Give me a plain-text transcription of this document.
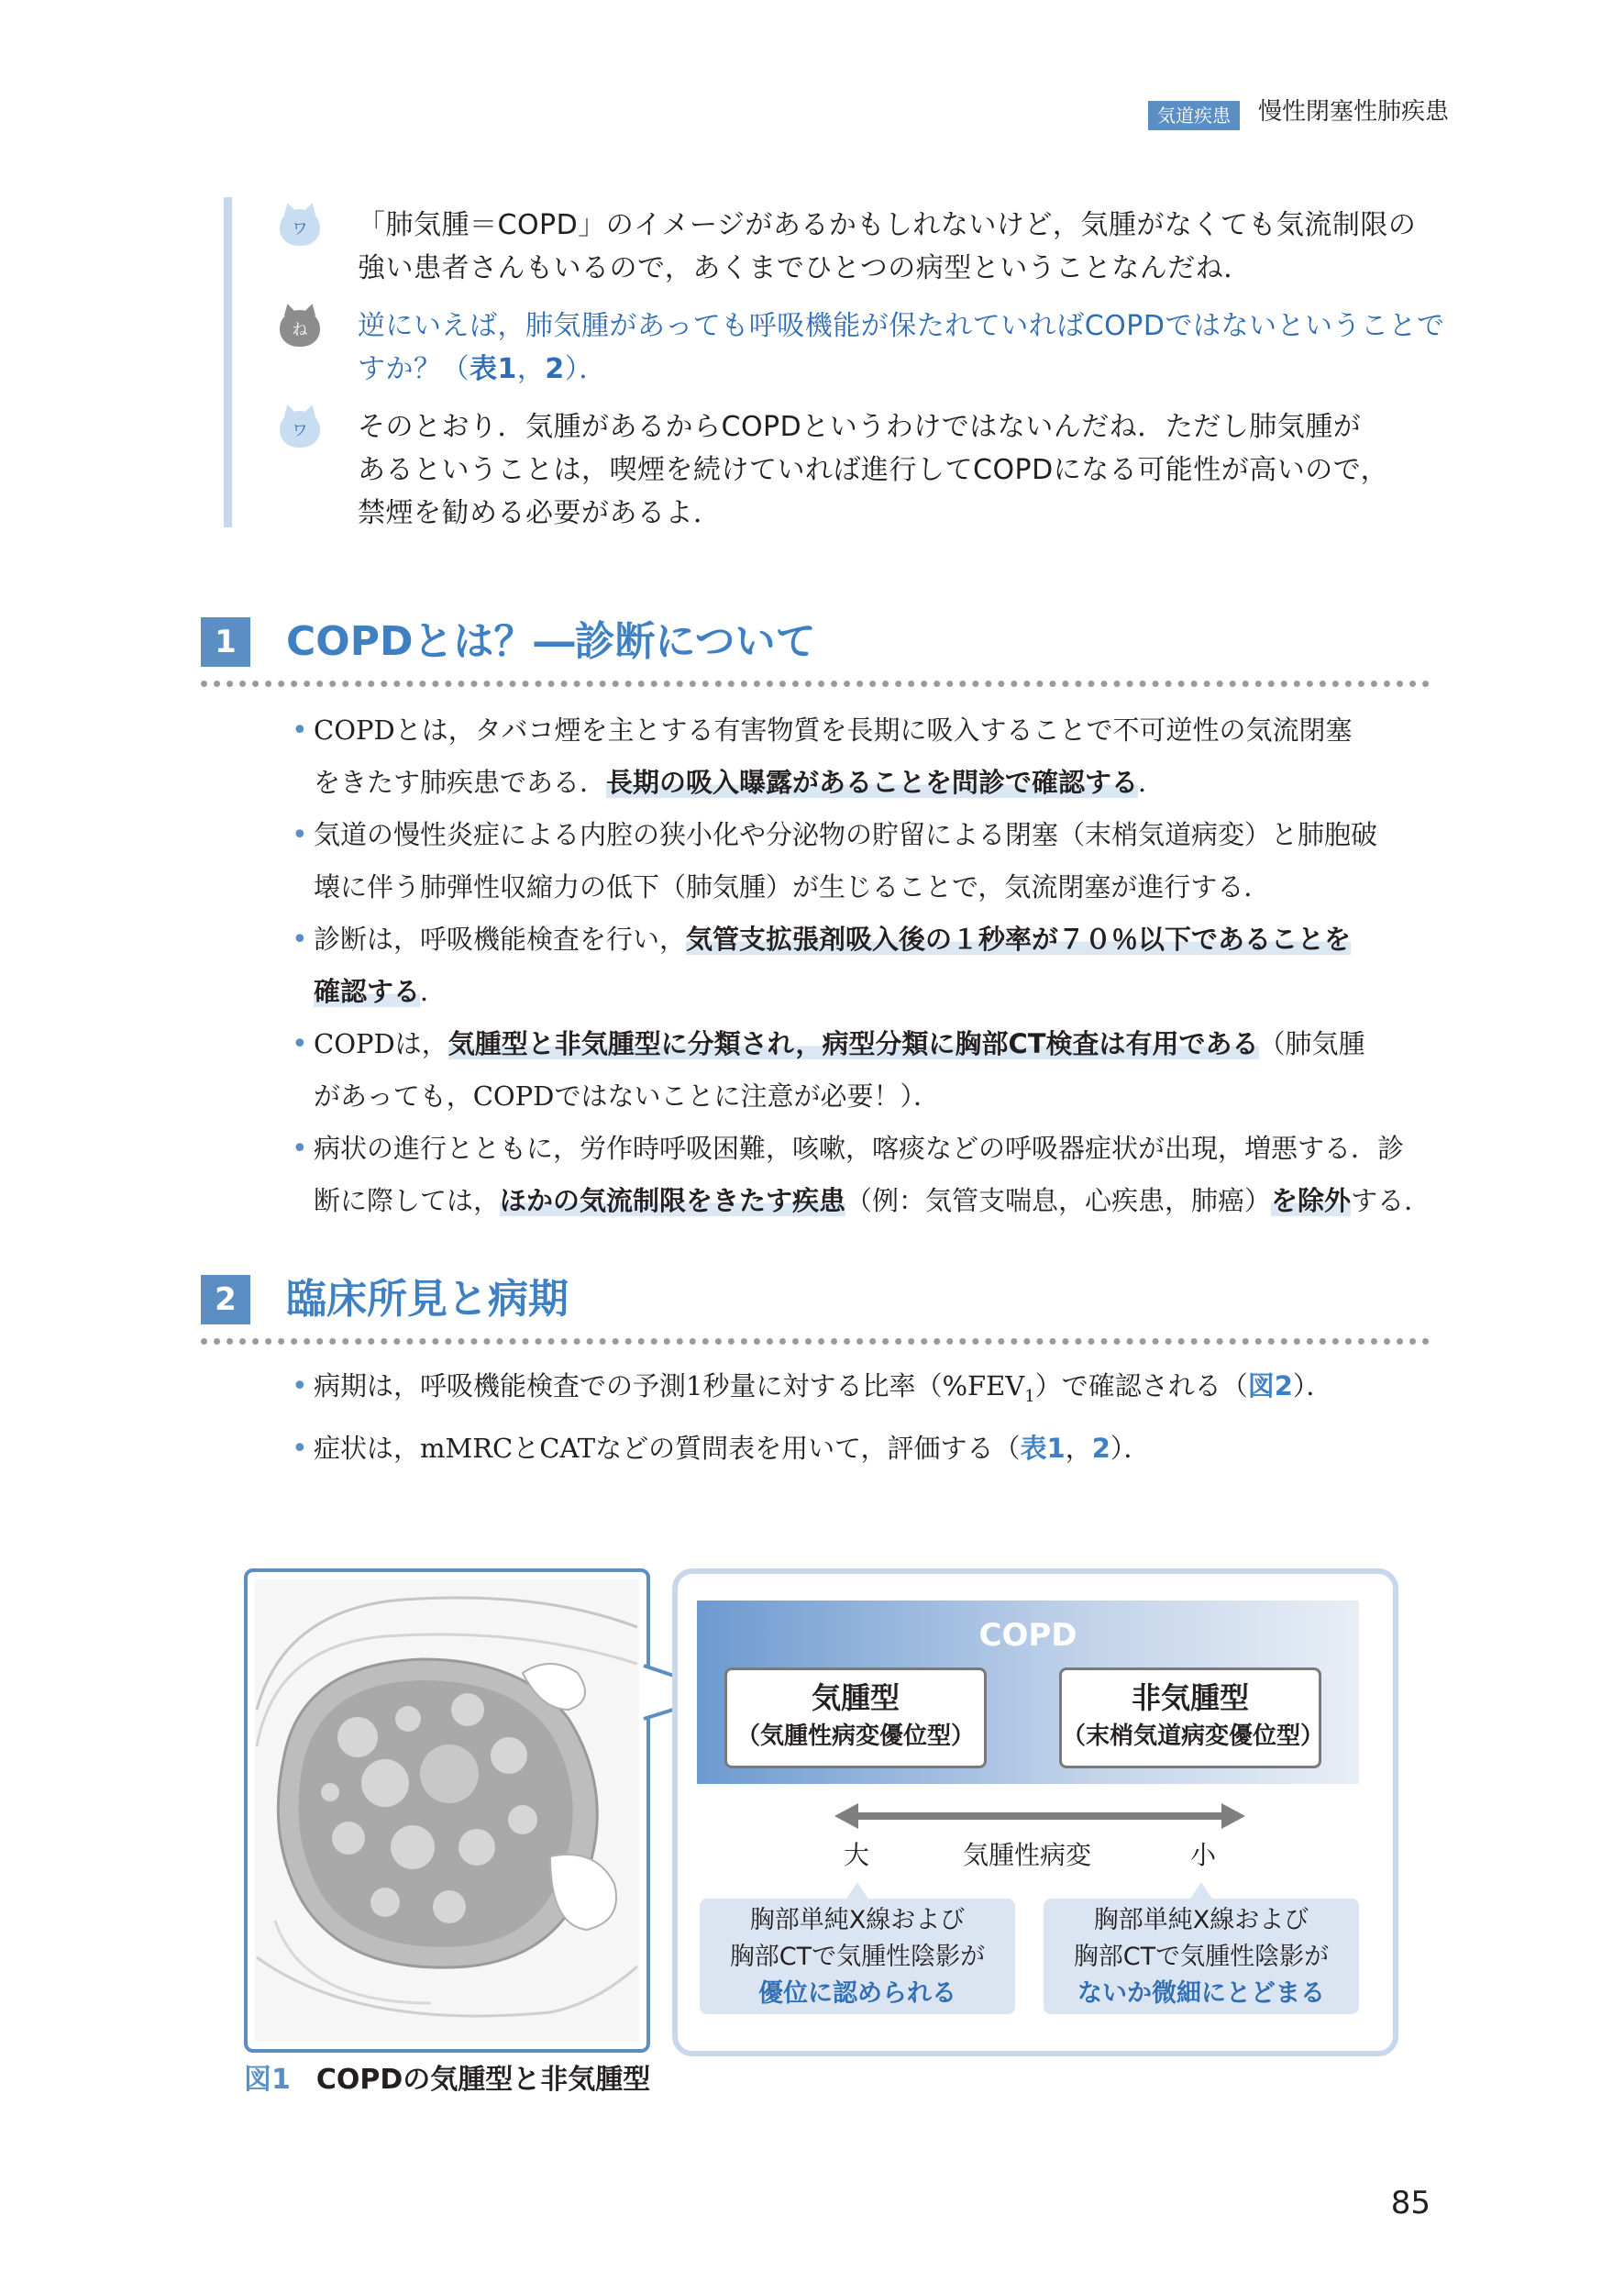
気道疾患	慢性閉塞性肺疾患
ワ	「肺気腫＝COPD」のイメージがあるかもしれないけど，気腫がなくても気流制限の
強い患者さんもいるので，あくまでひとつの病型ということなんだね．
ね	逆にいえば，肺気腫があっても呼吸機能が保たれていればCOPDではないということで
すか？（表1，2）．
ワ	そのとおり．気腫があるからCOPDというわけではないんだね．ただし肺気腫が
あるということは，喫煙を続けていれば進行してCOPDになる可能性が高いので，
禁煙を勧める必要があるよ．
1	COPDとは？―診断について
• COPDとは，タバコ煙を主とする有害物質を長期に吸入することで不可逆性の気流閉塞
をきたす肺疾患である．長期の吸入曝露があることを問診で確認する．
• 気道の慢性炎症による内腔の狭小化や分泌物の貯留による閉塞（末梢気道病変）と肺胞破
壊に伴う肺弾性収縮力の低下（肺気腫）が生じることで，気流閉塞が進行する．
• 診断は，呼吸機能検査を行い，気管支拡張剤吸入後の１秒率が７０％以下であることを
確認する．
• COPDは，気腫型と非気腫型に分類され，病型分類に胸部CT検査は有用である（肺気腫
があっても，COPDではないことに注意が必要！）．
• 病状の進行とともに，労作時呼吸困難，咳嗽，喀痰などの呼吸器症状が出現，増悪する．診
断に際しては，ほかの気流制限をきたす疾患（例：気管支喘息，心疾患，肺癌）を除外する．
2	臨床所見と病期
• 病期は，呼吸機能検査での予測1秒量に対する比率$(\%FEV_1)$で確認される（図2）．
• 症状は，mMRCとCATなどの質問表を用いて，評価する（表1，2）．
COPD
気腫型
（気腫性病変優位型）
非気腫型
（末梢気道病変優位型）
大	気腫性病変	小
胸部単純X線および
胸部CTで気腫性陰影が
優位に認められる
胸部単純X線および
胸部CTで気腫性陰影が
ないか微細にとどまる
図1 COPDの気腫型と非気腫型
85
